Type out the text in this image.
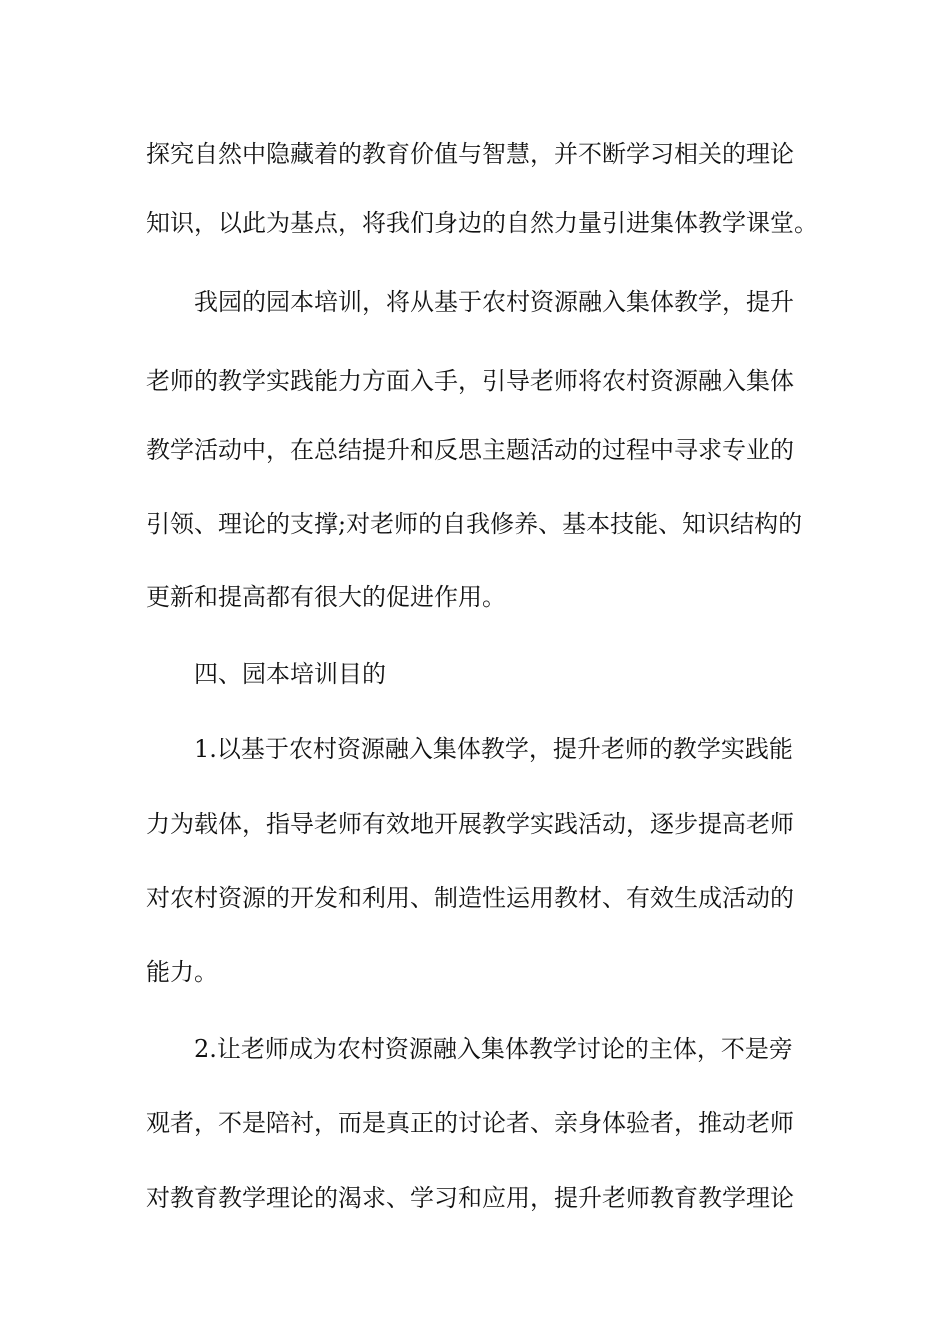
探究自然中隐藏着的教育价值与智慧，并不断学习相关的理论
知识，以此为基点，将我们身边的自然力量引进集体教学课堂。
我园的园本培训，将从基于农村资源融入集体教学，提升
老师的教学实践能力方面入手，引导老师将农村资源融入集体
教学活动中，在总结提升和反思主题活动的过程中寻求专业的
引领、理论的支撑;对老师的自我修养、基本技能、知识结构的
更新和提高都有很大的促进作用。
四、园本培训目的
1.以基于农村资源融入集体教学，提升老师的教学实践能
力为载体，指导老师有效地开展教学实践活动，逐步提高老师
对农村资源的开发和利用、制造性运用教材、有效生成活动的
能力。
2.让老师成为农村资源融入集体教学讨论的主体，不是旁
观者，不是陪衬，而是真正的讨论者、亲身体验者，推动老师
对教育教学理论的渴求、学习和应用，提升老师教育教学理论
